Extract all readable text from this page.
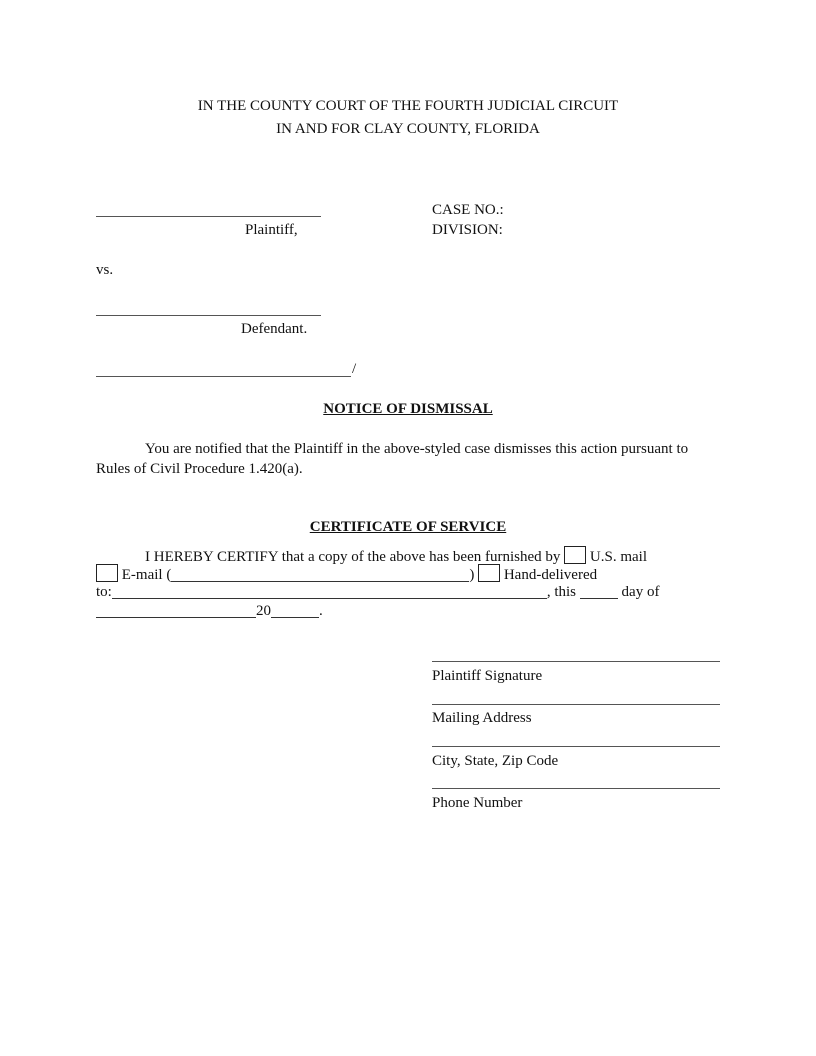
IN THE COUNTY COURT OF THE FOURTH JUDICIAL CIRCUIT
IN AND FOR CLAY COUNTY, FLORIDA
Plaintiff,
CASE NO.:
DIVISION:
vs.
Defendant.
/
NOTICE OF DISMISSAL
You are notified that the Plaintiff in the above-styled case dismisses this action pursuant to
Rules of Civil Procedure 1.420(a).
CERTIFICATE OF SERVICE
I HEREBY CERTIFY that a copy of the above has been furnished by U.S. mail
E-mail (	) Hand-delivered
to:	, this	day of
20	.
Plaintiff Signature
Mailing Address
City, State, Zip Code
Phone Number
